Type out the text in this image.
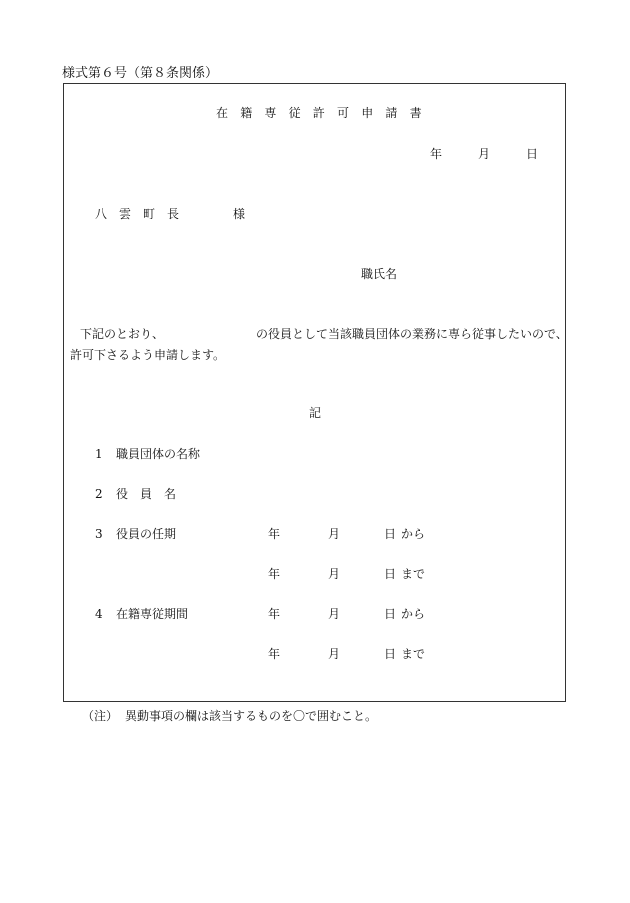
様式第６号（第８条関係）
在　籍　専　従　許　可　申　請　書
年　　　月　　　日
八　雲　町　長	様
職氏名
下記のとおり、	の役員として当該職員団体の業務に専ら従事したいので、
許可下さるよう申請します。
記
1 職員団体の名称
2 役　員　名
3 役員の任期	年	月	日 から
年	月	日 まで
4 在籍専従期間	年	月	日 から
年	月	日 まで
（注） 異動事項の欄は該当するものを〇で囲むこと。
